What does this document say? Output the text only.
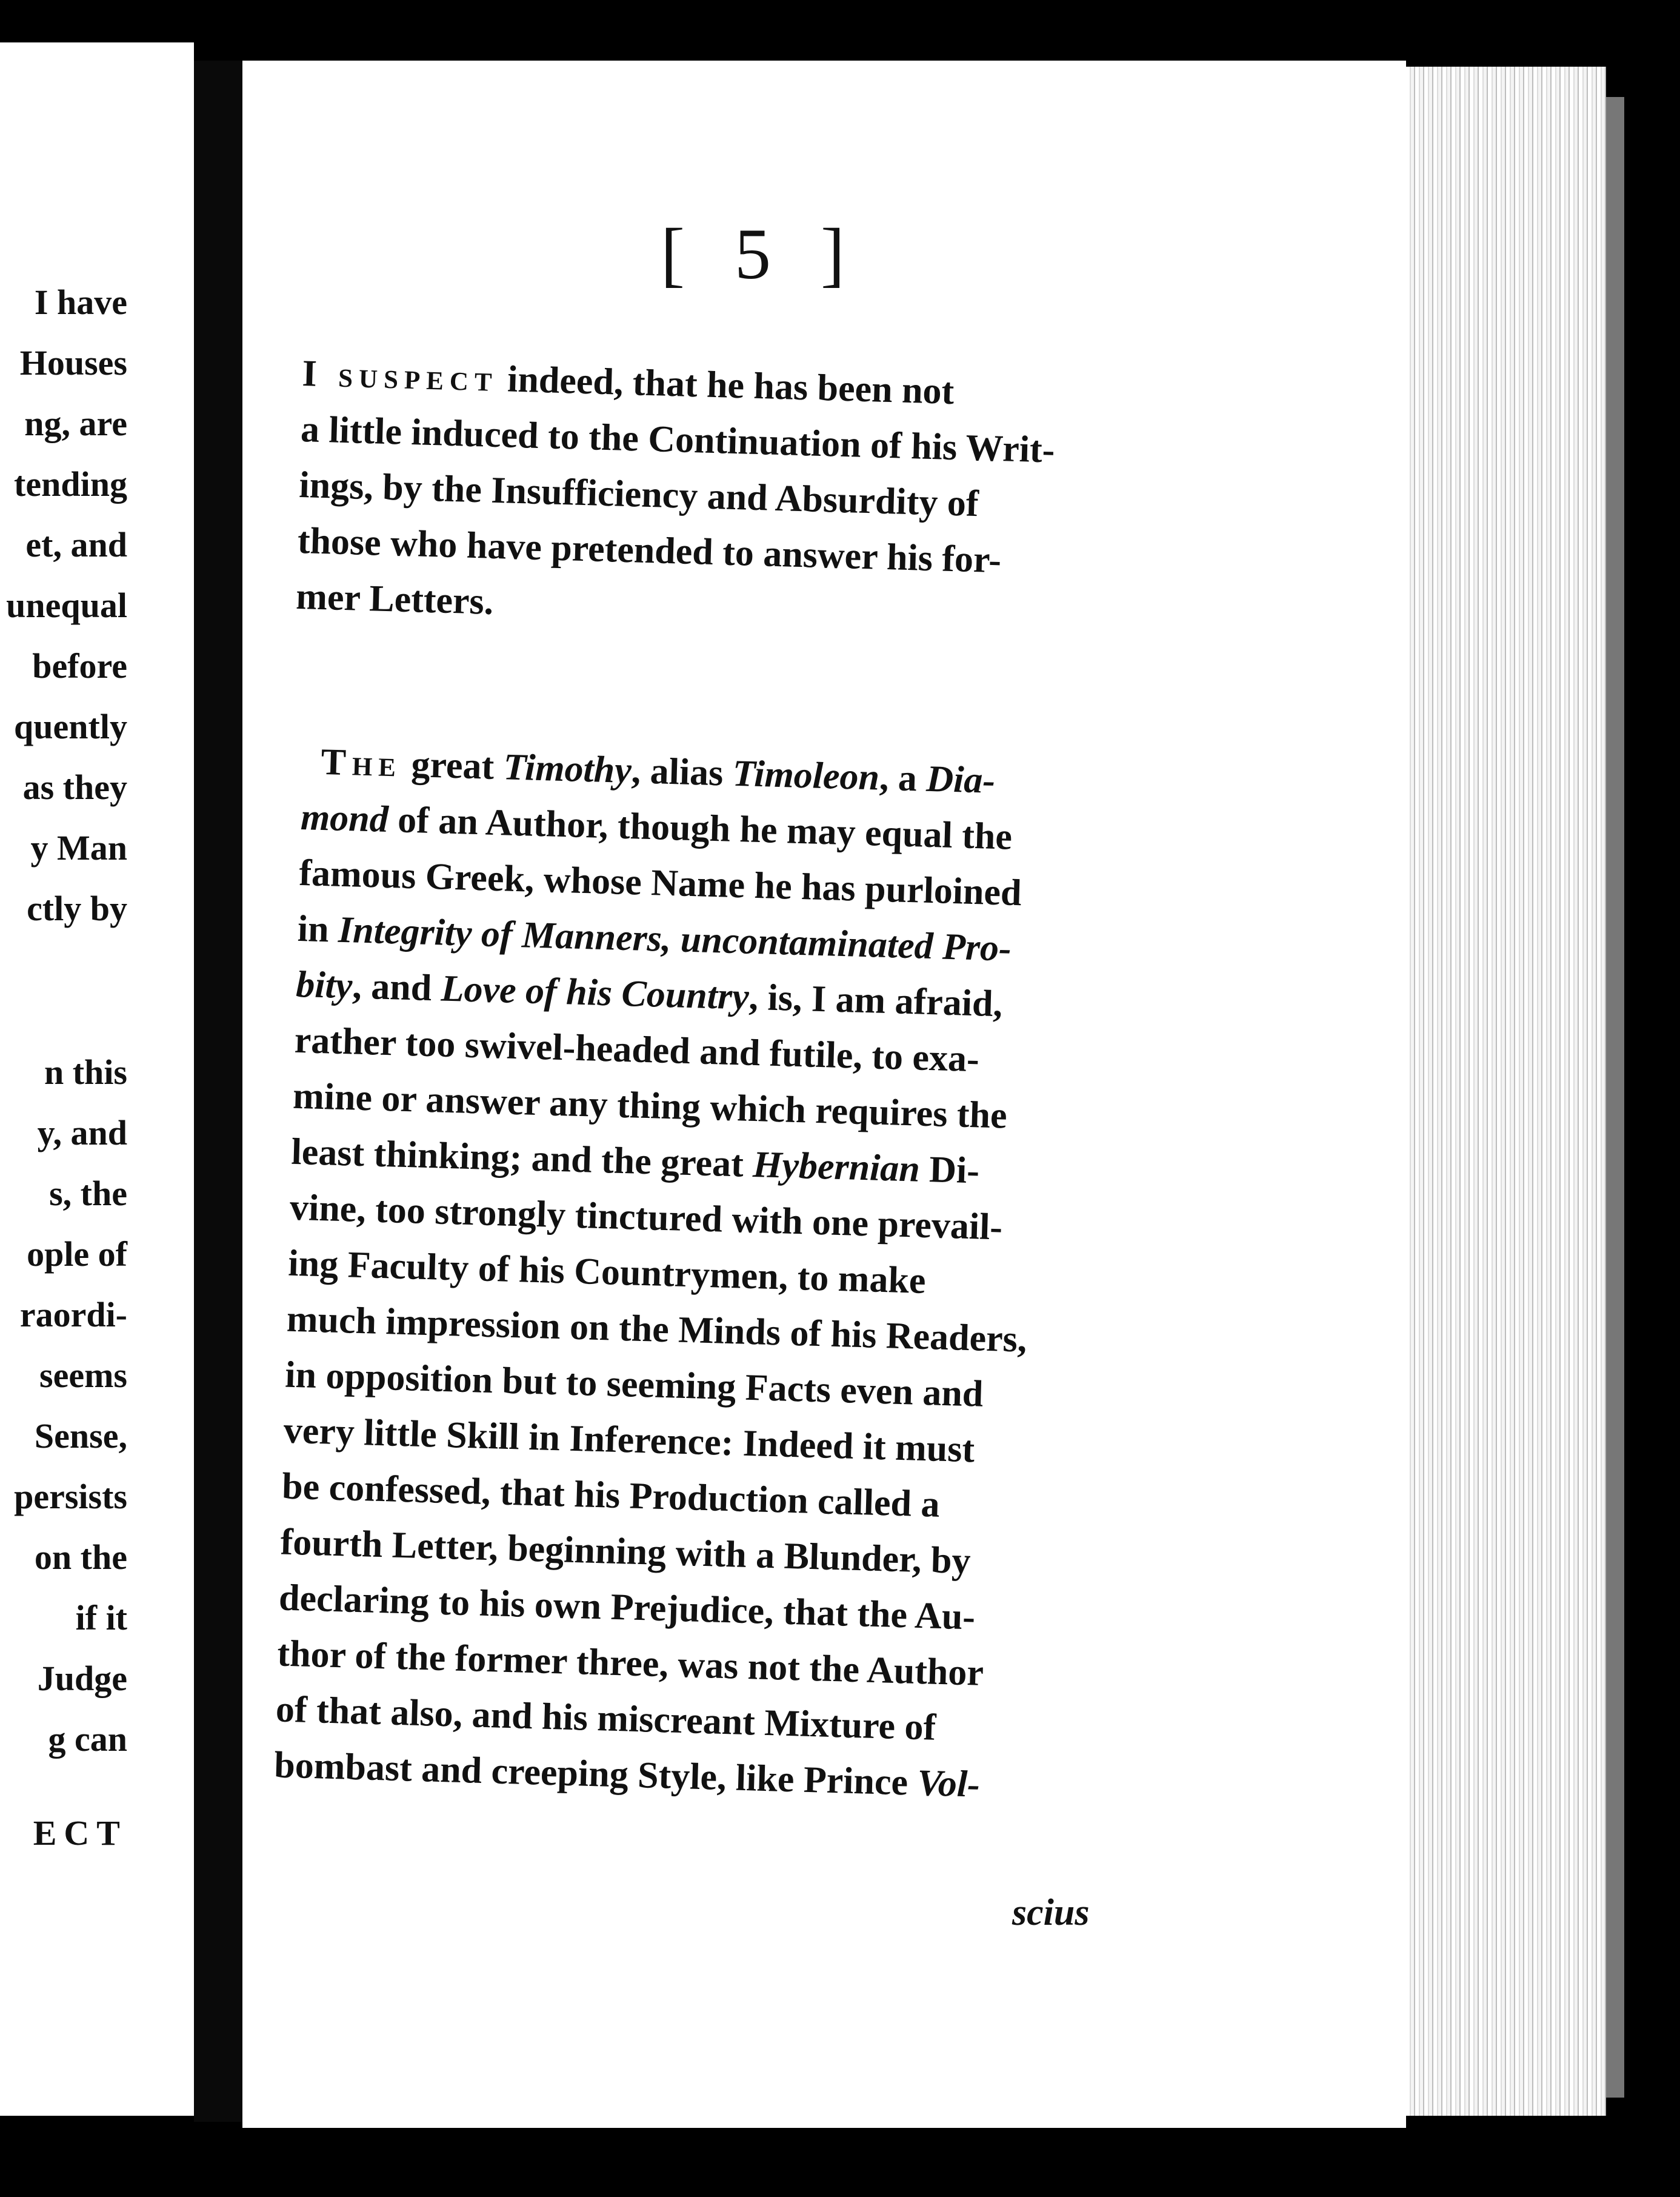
I have
Houses
ng, are
tending
et, and
unequal
before
quently
as they
y Man
ctly by
n this
y, and
s, the
ople of
raordi-
seems
Sense,
persists
on the
if it
Judge
g can
ECT
[ 5 ]
I suspect indeed, that he has been not
a little induced to the Continuation of his Writ-
ings, by the Insufficiency and Absurdity of
those who have pretended to answer his for-
mer Letters.
The great Timothy, alias Timoleon, a Dia-
mond of an Author, though he may equal the
famous Greek, whose Name he has purloined
in Integrity of Manners, uncontaminated Pro-
bity, and Love of his Country, is, I am afraid,
rather too swivel-headed and futile, to exa-
mine or answer any thing which requires the
least thinking; and the great Hybernian Di-
vine, too strongly tinctured with one prevail-
ing Faculty of his Countrymen, to make
much impression on the Minds of his Readers,
in opposition but to seeming Facts even and
very little Skill in Inference: Indeed it must
be confessed, that his Production called a
fourth Letter, beginning with a Blunder, by
declaring to his own Prejudice, that the Au-
thor of the former three, was not the Author
of that also, and his miscreant Mixture of
bombast and creeping Style, like Prince Vol-
scius
